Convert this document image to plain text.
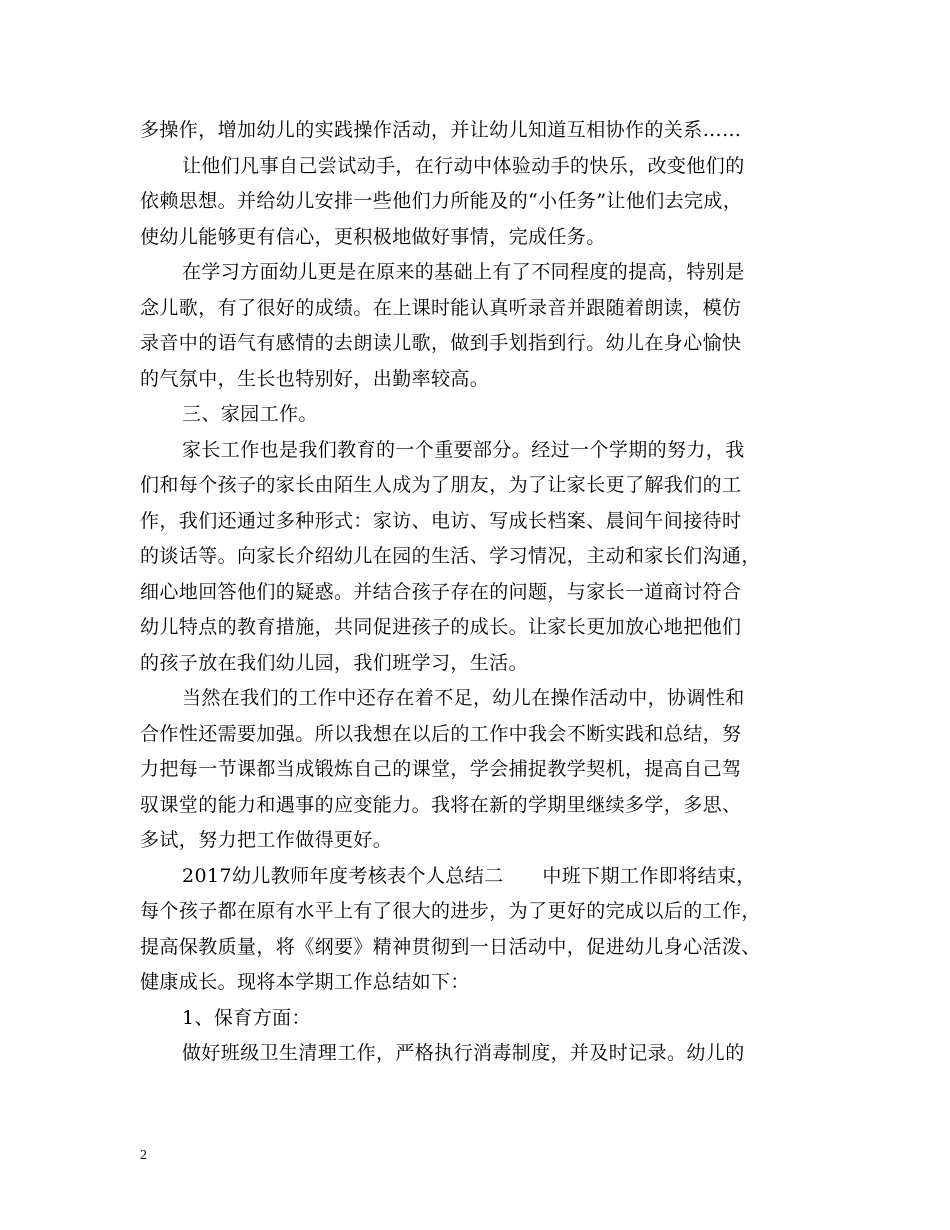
多操作，增加幼儿的实践操作活动，并让幼儿知道互相协作的关系……
让他们凡事自己尝试动手，在行动中体验动手的快乐，改变他们的
依赖思想。并给幼儿安排一些他们力所能及的“小任务”让他们去完成，
使幼儿能够更有信心，更积极地做好事情，完成任务。
在学习方面幼儿更是在原来的基础上有了不同程度的提高，特别是
念儿歌，有了很好的成绩。在上课时能认真听录音并跟随着朗读，模仿
录音中的语气有感情的去朗读儿歌，做到手划指到行。幼儿在身心愉快
的气氛中，生长也特别好，出勤率较高。
三、家园工作。
家长工作也是我们教育的一个重要部分。经过一个学期的努力，我
们和每个孩子的家长由陌生人成为了朋友，为了让家长更了解我们的工
作，我们还通过多种形式：家访、电访、写成长档案、晨间午间接待时
的谈话等。向家长介绍幼儿在园的生活、学习情况，主动和家长们沟通，
细心地回答他们的疑惑。并结合孩子存在的问题，与家长一道商讨符合
幼儿特点的教育措施，共同促进孩子的成长。让家长更加放心地把他们
的孩子放在我们幼儿园，我们班学习，生活。
当然在我们的工作中还存在着不足，幼儿在操作活动中，协调性和
合作性还需要加强。所以我想在以后的工作中我会不断实践和总结，努
力把每一节课都当成锻炼自己的课堂，学会捕捉教学契机，提高自己驾
驭课堂的能力和遇事的应变能力。我将在新的学期里继续多学，多思、
多试，努力把工作做得更好。
2017幼儿教师年度考核表个人总结二　　中班下期工作即将结束，
每个孩子都在原有水平上有了很大的进步，为了更好的完成以后的工作，
提高保教质量，将《纲要》精神贯彻到一日活动中，促进幼儿身心活泼、
健康成长。现将本学期工作总结如下：
1、保育方面：
做好班级卫生清理工作，严格执行消毒制度，并及时记录。幼儿的
2
